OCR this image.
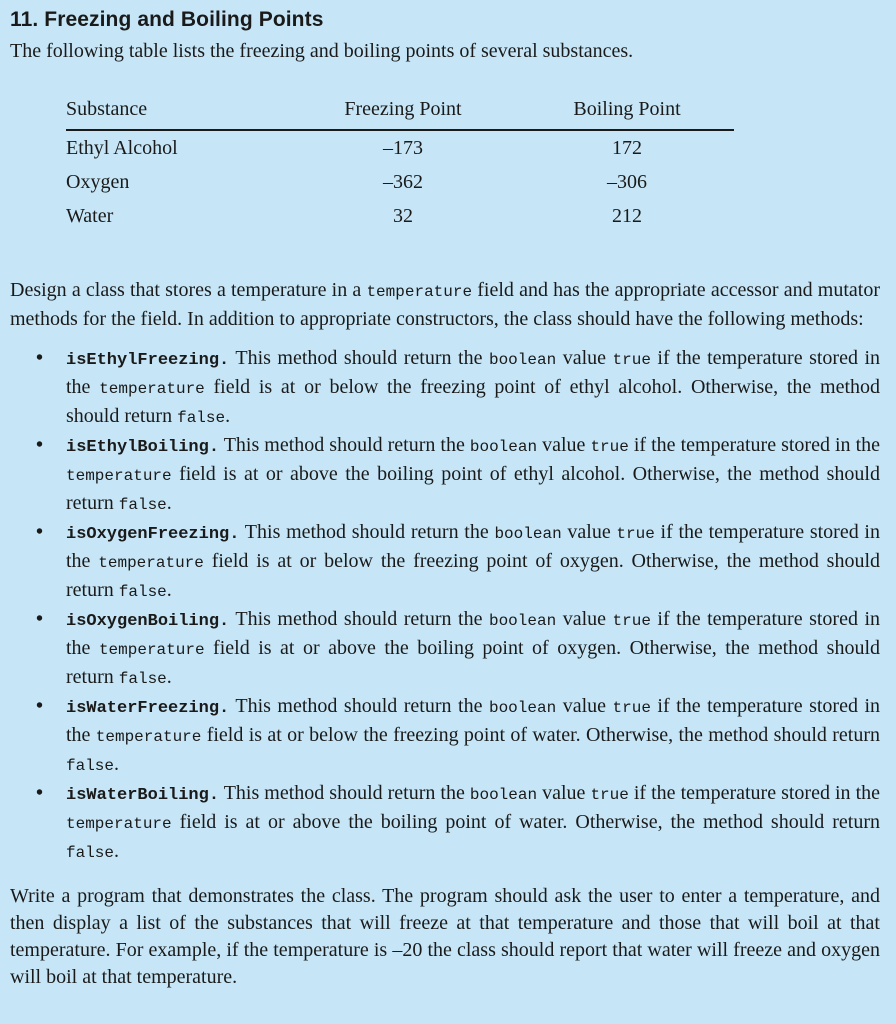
11. Freezing and Boiling Points

The following table lists the freezing and boiling points of several substances.

Substance	Freezing Point	Boiling Point
Ethyl Alcohol	–173	172
Oxygen	–362	–306
Water	32	212

Design a class that stores a temperature in a temperature field and has the appropriate accessor and mutator methods for the field. In addition to appropriate constructors, the class should have the following methods:

• isEthylFreezing. This method should return the boolean value true if the temperature stored in the temperature field is at or below the freezing point of ethyl alcohol. Otherwise, the method should return false.
• isEthylBoiling. This method should return the boolean value true if the temperature stored in the temperature field is at or above the boiling point of ethyl alcohol. Otherwise, the method should return false.
• isOxygenFreezing. This method should return the boolean value true if the temperature stored in the temperature field is at or below the freezing point of oxygen. Otherwise, the method should return false.
• isOxygenBoiling. This method should return the boolean value true if the temperature stored in the temperature field is at or above the boiling point of oxygen. Otherwise, the method should return false.
• isWaterFreezing. This method should return the boolean value true if the temperature stored in the temperature field is at or below the freezing point of water. Otherwise, the method should return false.
• isWaterBoiling. This method should return the boolean value true if the temperature stored in the temperature field is at or above the boiling point of water. Otherwise, the method should return false.

Write a program that demonstrates the class. The program should ask the user to enter a temperature, and then display a list of the substances that will freeze at that temperature and those that will boil at that temperature. For example, if the temperature is –20 the class should report that water will freeze and oxygen will boil at that temperature.
